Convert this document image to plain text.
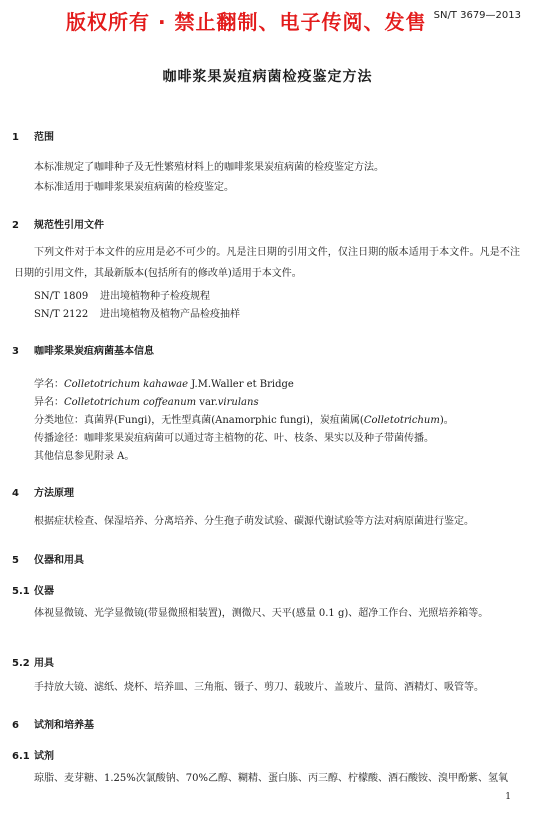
版权所有 · 禁止翻制、电子传阅、发售 SN/T 3679—2013
咖啡浆果炭疽病菌检疫鉴定方法
1 范围
本标准规定了咖啡种子及无性繁殖材料上的咖啡浆果炭疽病菌的检疫鉴定方法。
本标准适用于咖啡浆果炭疽病菌的检疫鉴定。
2 规范性引用文件
下列文件对于本文件的应用是必不可少的。凡是注日期的引用文件，仅注日期的版本适用于本文件。凡是不注日期的引用文件，其最新版本(包括所有的修改单)适用于本文件。
SN/T 1809 进出境植物种子检疫规程
SN/T 2122 进出境植物及植物产品检疫抽样
3 咖啡浆果炭疽病菌基本信息
学名：Colletotrichum kahawae J.M.Waller et Bridge
异名：Colletotrichum coffeanum var.virulans
分类地位：真菌界(Fungi)，无性型真菌(Anamorphic fungi)，炭疽菌属(Colletotrichum)。
传播途径：咖啡浆果炭疽病菌可以通过寄主植物的花、叶、枝条、果实以及种子带菌传播。
其他信息参见附录 A。
4 方法原理
根据症状检查、保湿培养、分离培养、分生孢子萌发试验、碳源代谢试验等方法对病原菌进行鉴定。
5 仪器和用具
5.1 仪器
体视显微镜、光学显微镜(带显微照相装置)，测微尺、天平(感量 0.1 g)、超净工作台、光照培养箱等。
5.2 用具
手持放大镜、滤纸、烧杯、培养皿、三角瓶、镊子、剪刀、载玻片、盖玻片、量筒、酒精灯、吸管等。
6 试剂和培养基
6.1 试剂
琼脂、麦芽糖、1.25%次氯酸钠、70%乙醇、糊精、蛋白胨、丙三醇、柠檬酸、酒石酸铵、溴甲酚紫、氢氧
1
